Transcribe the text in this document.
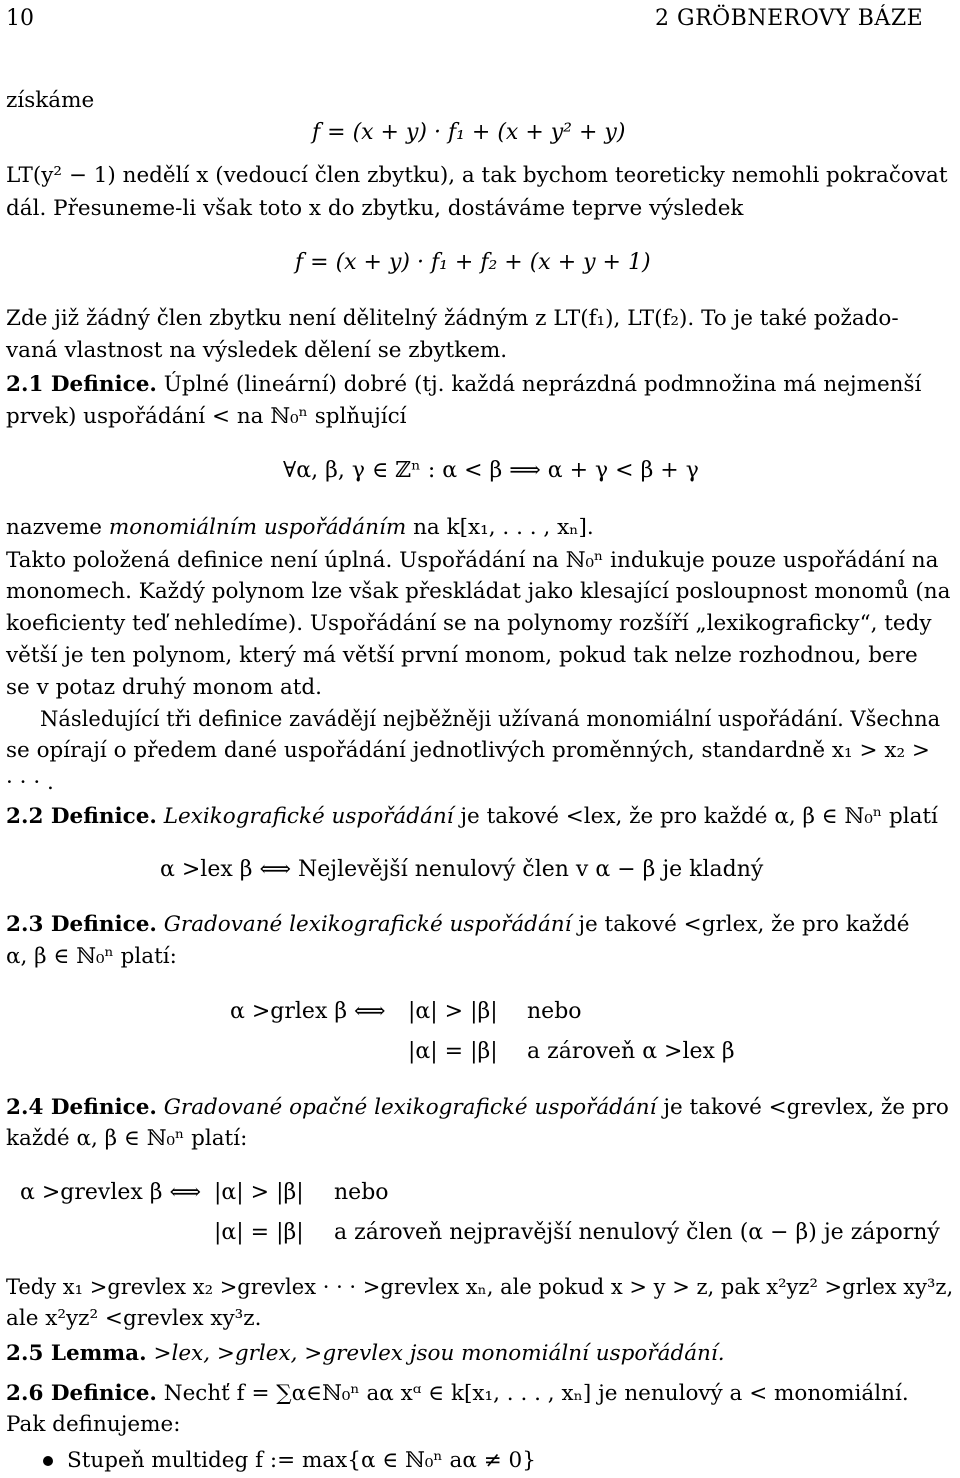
10	2 GRÖBNEROVY BÁZE
získáme
f = (x + y) · f₁ + (x + y² + y)
LT(y² − 1) nedělí x (vedoucí člen zbytku), a tak bychom teoreticky nemohli pokračovat
dál. Přesuneme-li však toto x do zbytku, dostáváme teprve výsledek
f = (x + y) · f₁ + f₂ + (x + y + 1)
Zde již žádný člen zbytku není dělitelný žádným z LT(f₁), LT(f₂). To je také požado-
vaná vlastnost na výsledek dělení se zbytkem.
2.1 Definice. Úplné (lineární) dobré (tj. každá neprázdná podmnožina má nejmenší
prvek) uspořádání < na ℕ₀ⁿ splňující
∀α, β, γ ∈ ℤⁿ : α < β ⟹ α + γ < β + γ
nazveme monomiálním uspořádáním na k[x₁, . . . , xₙ].
Takto položená definice není úplná. Uspořádání na ℕ₀ⁿ indukuje pouze uspořádání na
monomech. Každý polynom lze však přeskládat jako klesající posloupnost monomů (na
koeficienty teď nehledíme). Uspořádání se na polynomy rozšíří „lexikograficky“, tedy
větší je ten polynom, který má větší první monom, pokud tak nelze rozhodnou, bere
se v potaz druhý monom atd.
Následující tři definice zavádějí nejběžněji užívaná monomiální uspořádání. Všechna
se opírají o předem dané uspořádání jednotlivých proměnných, standardně x₁ > x₂ >
· · · .
2.2 Definice. Lexikografické uspořádání je takové <lex, že pro každé α, β ∈ ℕ₀ⁿ platí
α >lex β ⟺ Nejlevější nenulový člen v α − β je kladný
2.3 Definice. Gradované lexikografické uspořádání je takové <grlex, že pro každé
α, β ∈ ℕ₀ⁿ platí:
α >grlex β ⟺ |α| > |β| nebo
|α| = |β| a zároveň α >lex β
2.4 Definice. Gradované opačné lexikografické uspořádání je takové <grevlex, že pro
každé α, β ∈ ℕ₀ⁿ platí:
α >grevlex β ⟺ |α| > |β| nebo
|α| = |β| a zároveň nejpravější nenulový člen (α − β) je záporný
Tedy x₁ >grevlex x₂ >grevlex · · · >grevlex xₙ, ale pokud x > y > z, pak x²yz² >grlex xy³z,
ale x²yz² <grevlex xy³z.
2.5 Lemma. >lex, >grlex, >grevlex jsou monomiální uspořádání.
2.6 Definice. Nechť f = ∑α∈ℕ₀ⁿ aα xᵅ ∈ k[x₁, . . . , xₙ] je nenulový a < monomiální.
Pak definujeme:
Stupeň multideg f := max{α ∈ ℕ₀ⁿ aα ≠ 0}
